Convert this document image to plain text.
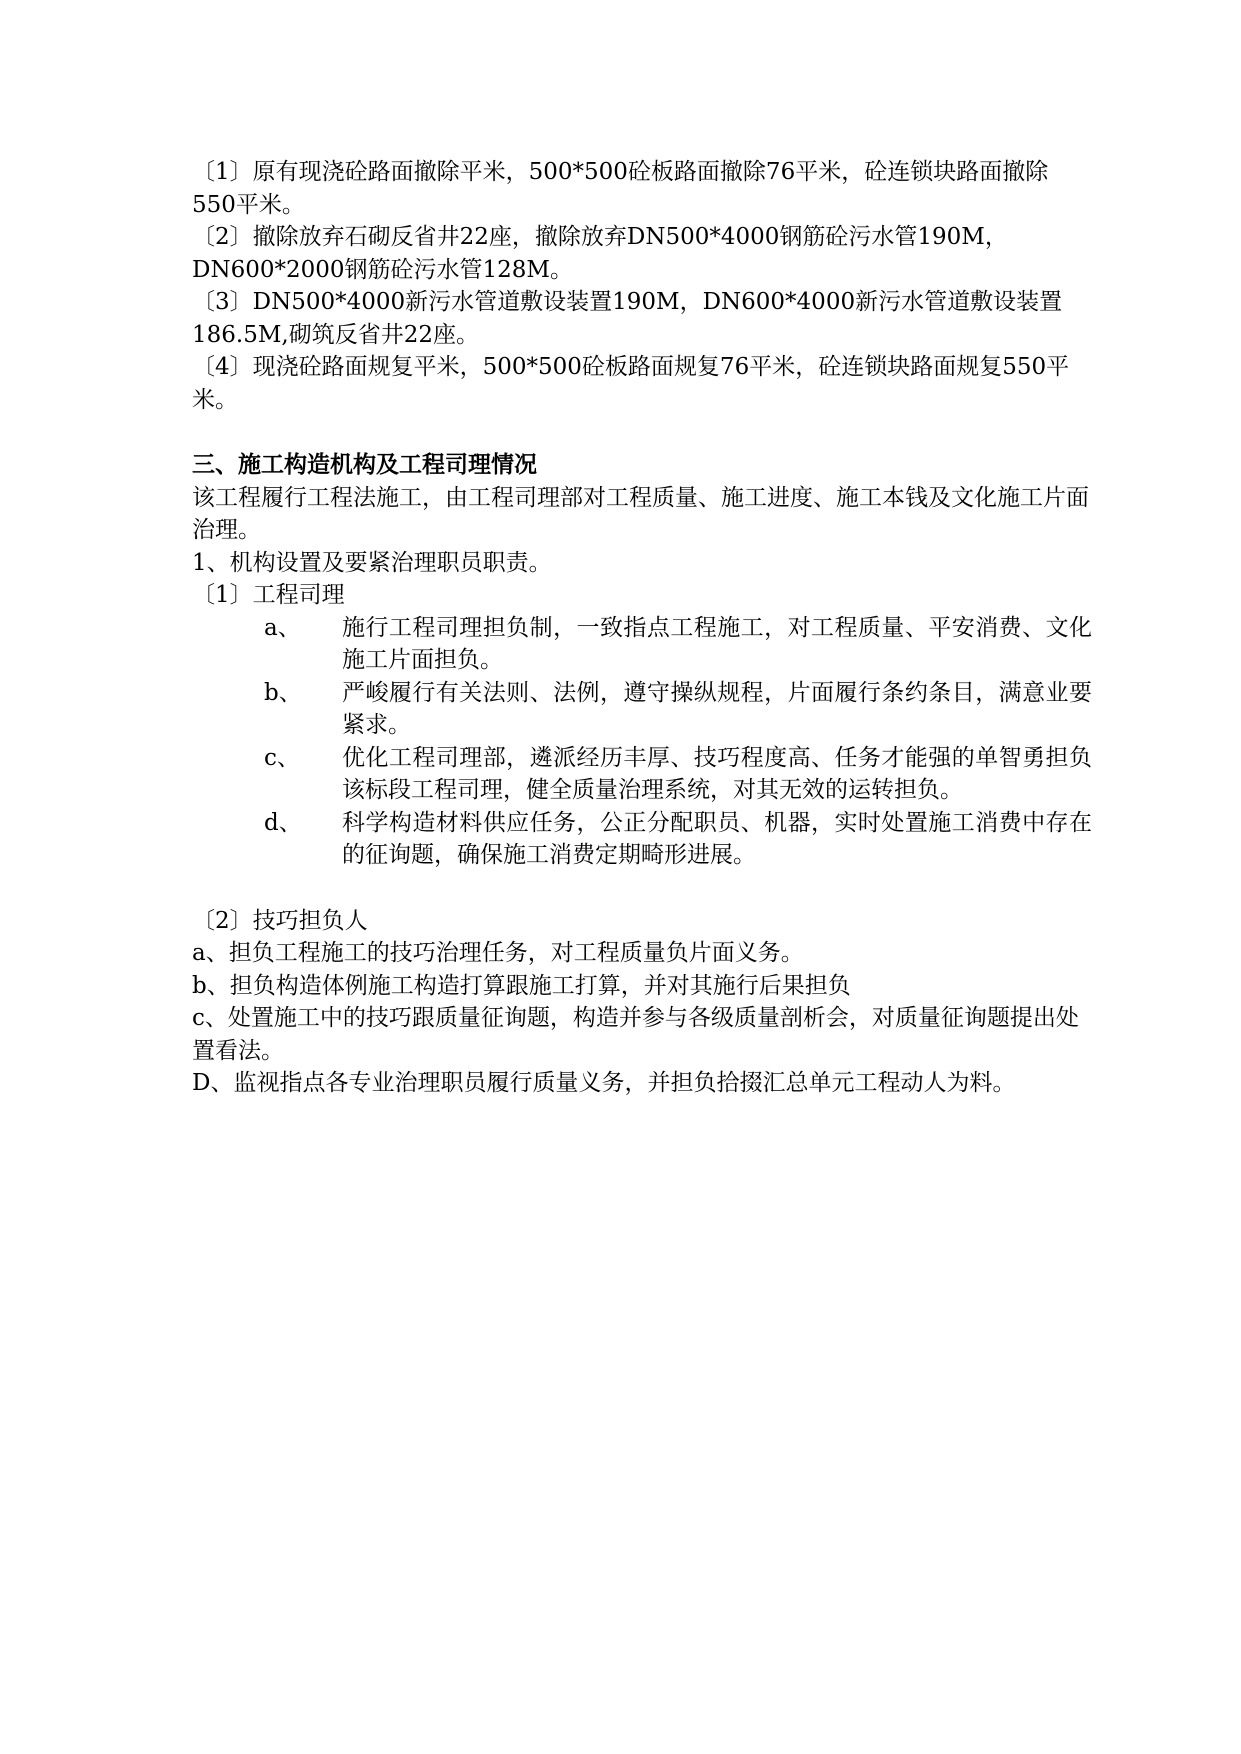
〔1〕原有现浇砼路面撤除平米，500*500砼板路面撤除76平米，砼连锁块路面撤除550平米。

〔2〕撤除放弃石砌反省井22座，撤除放弃DN500*4000钢筋砼污水管190M，DN600*2000钢筋砼污水管128M。

〔3〕DN500*4000新污水管道敷设装置190M，DN600*4000新污水管道敷设装置186.5M,砌筑反省井22座。

〔4〕现浇砼路面规复平米，500*500砼板路面规复76平米，砼连锁块路面规复550平米。

三、施工构造机构及工程司理情况

该工程履行工程法施工，由工程司理部对工程质量、施工进度、施工本钱及文化施工片面治理。

1、机构设置及要紧治理职员职责。

〔1〕工程司理

a、	施行工程司理担负制，一致指点工程施工，对工程质量、平安消费、文化施工片面担负。
b、	严峻履行有关法则、法例，遵守操纵规程，片面履行条约条目，满意业要紧求。
c、	优化工程司理部，遴派经历丰厚、技巧程度高、任务才能强的单智勇担负该标段工程司理，健全质量治理系统，对其无效的运转担负。
d、	科学构造材料供应任务，公正分配职员、机器，实时处置施工消费中存在的征询题，确保施工消费定期畸形进展。

〔2〕技巧担负人

a、担负工程施工的技巧治理任务，对工程质量负片面义务。

b、担负构造体例施工构造打算跟施工打算，并对其施行后果担负

c、处置施工中的技巧跟质量征询题，构造并参与各级质量剖析会，对质量征询题提出处置看法。

D、监视指点各专业治理职员履行质量义务，并担负拾掇汇总单元工程动人为料。
